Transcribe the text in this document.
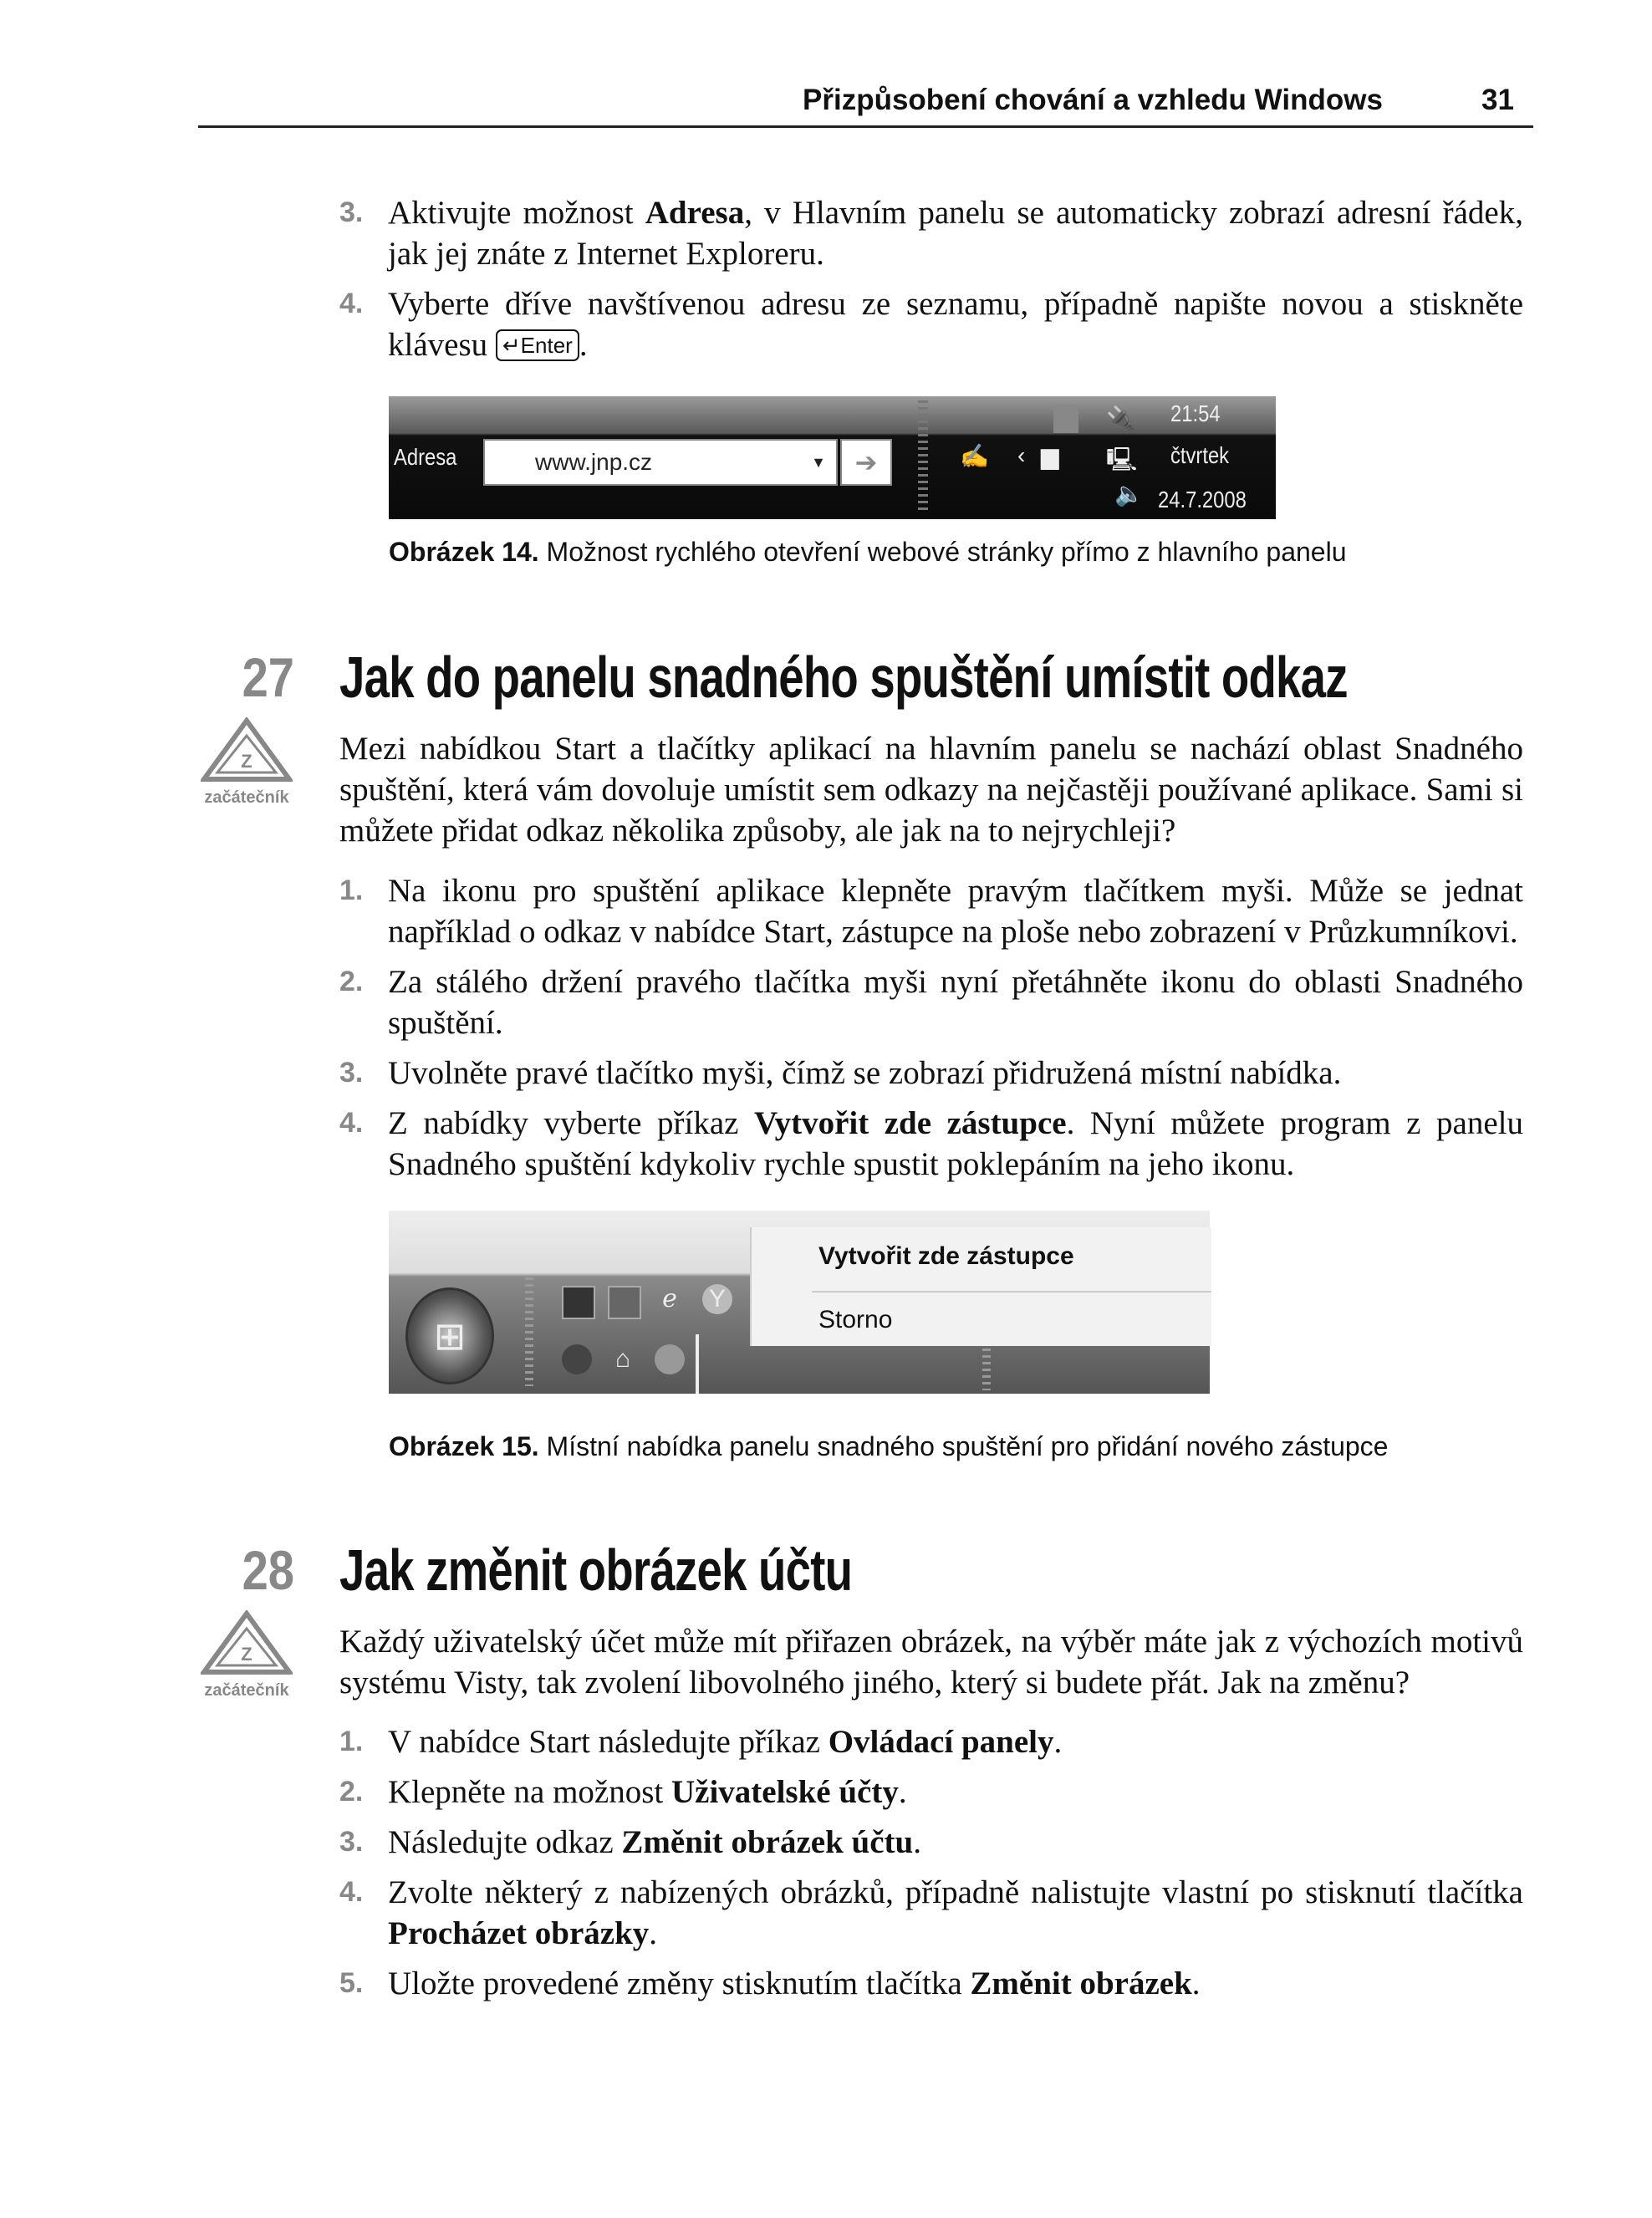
Přizpůsobení chování a vzhledu Windows	31
3. Aktivujte možnost Adresa, v Hlavním panelu se automaticky zobrazí adresní řádek, jak jej znáte z Internet Exploreru.
4. Vyberte dříve navštívenou adresu ze seznamu, případně napište novou a stiskněte klávesu ↵Enter .
Adresa	www.jnp.cz	▼	➔	✍ ‹ ▆
🔌
🖳
🔈
21:54
čtvrtek
24.7.2008
Obrázek 14. Možnost rychlého otevření webové stránky přímo z hlavního panelu
27 Jak do panelu snadného spuštění umístit odkaz
Z
začátečník
Mezi nabídkou Start a tlačítky aplikací na hlavním panelu se nachází oblast Snadného spuštění, která vám dovoluje umístit sem odkazy na nejčastěji používané aplikace. Sami si můžete přidat odkaz několika způsoby, ale jak na to nejrychleji?
1. Na ikonu pro spuštění aplikace klepněte pravým tlačítkem myši. Může se jednat například o odkaz v nabídce Start, zástupce na ploše nebo zobrazení v Průzkumníkovi.
2. Za stálého držení pravého tlačítka myši nyní přetáhněte ikonu do oblasti Snadného spuštění.
3. Uvolněte pravé tlačítko myši, čímž se zobrazí přidružená místní nabídka.
4. Z nabídky vyberte příkaz Vytvořit zde zástupce. Nyní můžete program z panelu Snadného spuštění kdykoliv rychle spustit poklepáním na jeho ikonu.
⊞
ℯ	Y
⌂
Vytvořit zde zástupce
Storno
Obrázek 15. Místní nabídka panelu snadného spuštění pro přidání nového zástupce
28 Jak změnit obrázek účtu
Z
začátečník
Každý uživatelský účet může mít přiřazen obrázek, na výběr máte jak z výchozích motivů systému Visty, tak zvolení libovolného jiného, který si budete přát. Jak na změnu?
1. V nabídce Start následujte příkaz Ovládací panely.
2. Klepněte na možnost Uživatelské účty.
3. Následujte odkaz Změnit obrázek účtu.
4. Zvolte některý z nabízených obrázků, případně nalistujte vlastní po stisknutí tlačítka Procházet obrázky.
5. Uložte provedené změny stisknutím tlačítka Změnit obrázek.
